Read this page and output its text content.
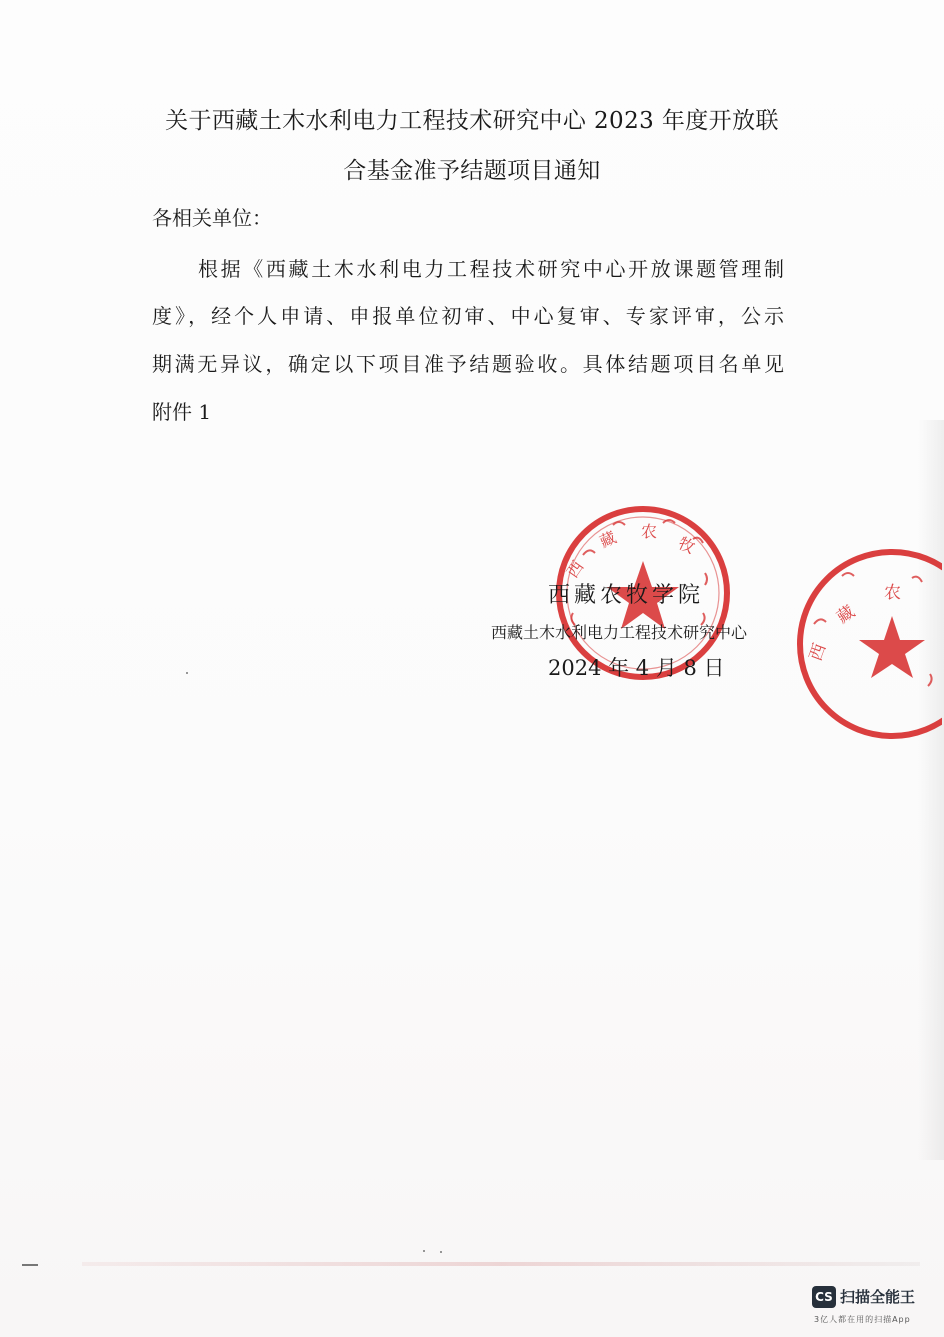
关于西藏土木水利电力工程技术研究中心 2023 年度开放联
合基金准予结题项目通知
各相关单位：
根据《西藏土木水利电力工程技术研究中心开放课题管理制
度》，经个人申请、申报单位初审、中心复审、专家评审，公示
期满无异议，确定以下项目准予结题验收。具体结题项目名单见
附件 1
西
藏 农
牧
西
藏
农
西藏农牧学院
西藏土木水利电力工程技术研究中心
2024 年 4 月 8 日
CS 扫描全能王
3亿人都在用的扫描App
